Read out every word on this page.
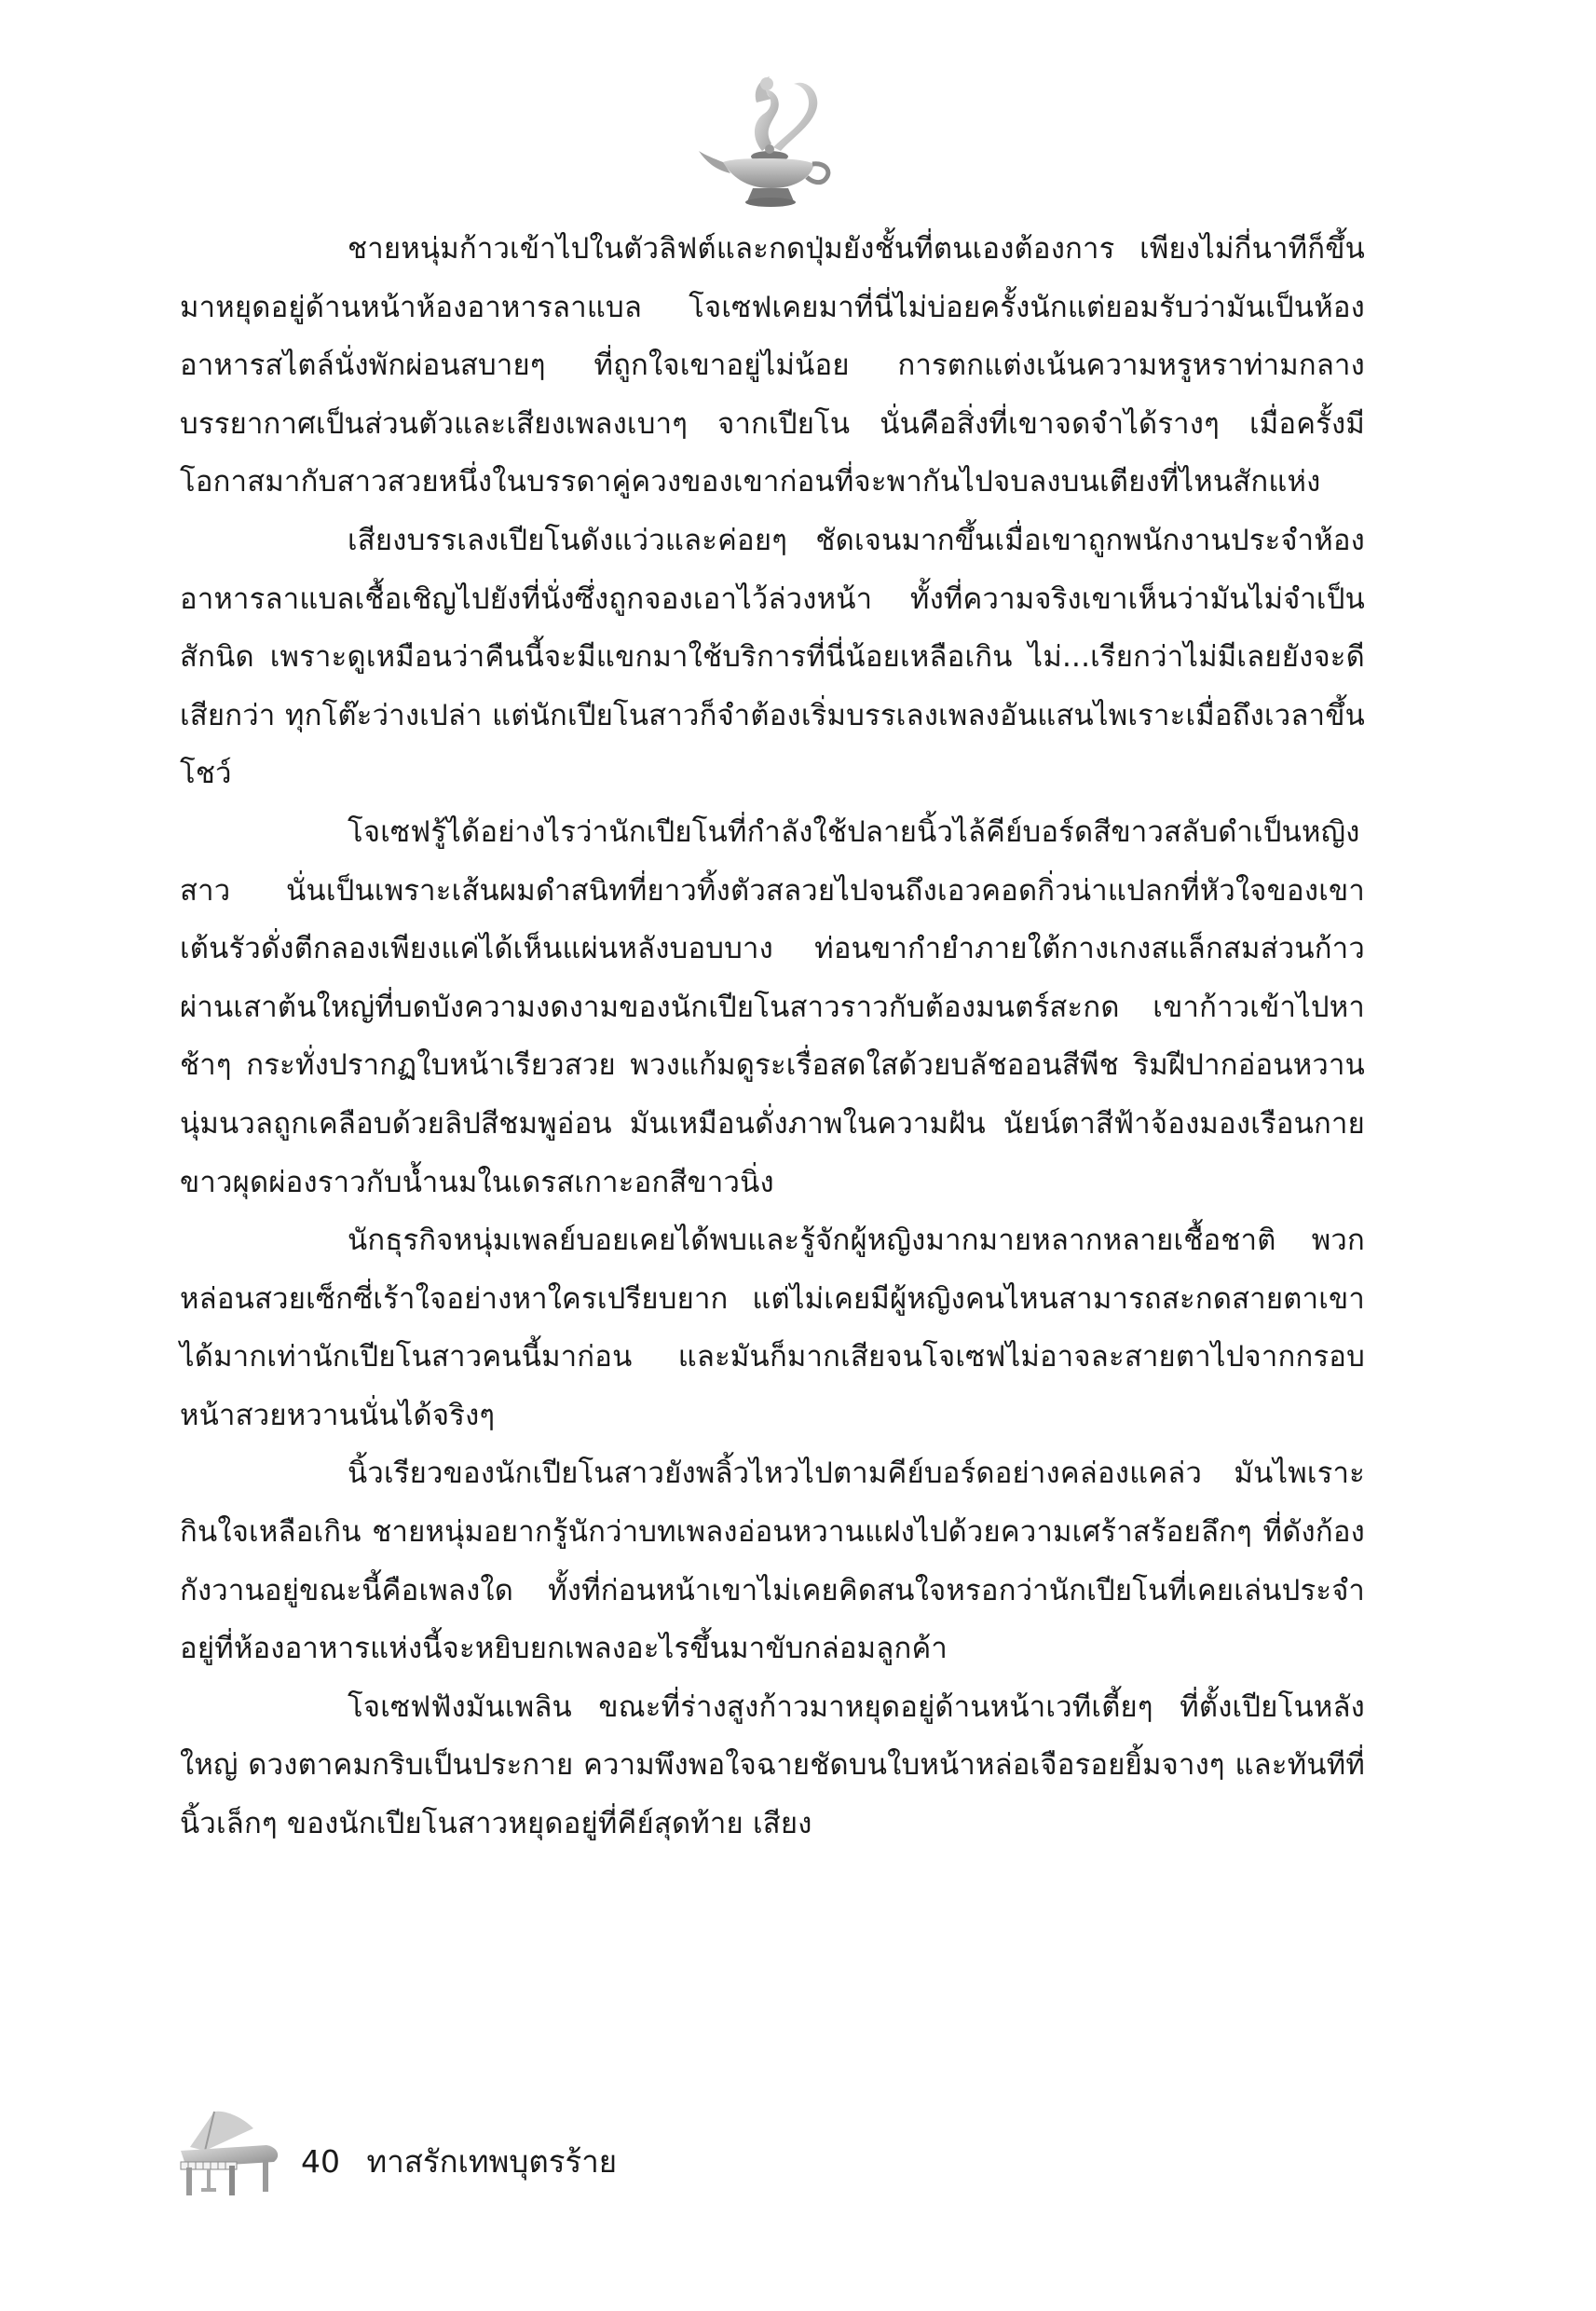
ชายหนุ่มก้าวเข้าไปในตัวลิฟต์และกดปุ่มยังชั้นที่ตนเองต้องการ เพียงไม่กี่นาทีก็ขึ้นมาหยุดอยู่ด้านหน้าห้องอาหารลาแบล โจเซฟเคยมาที่นี่ไม่บ่อยครั้งนักแต่ยอมรับว่ามันเป็นห้องอาหารสไตล์นั่งพักผ่อนสบายๆ ที่ถูกใจเขาอยู่ไม่น้อย การตกแต่งเน้นความหรูหราท่ามกลางบรรยากาศเป็นส่วนตัวและเสียงเพลงเบาๆ จากเปียโน นั่นคือสิ่งที่เขาจดจำได้รางๆ เมื่อครั้งมีโอกาสมากับสาวสวยหนึ่งในบรรดาคู่ควงของเขาก่อนที่จะพากันไปจบลงบนเตียงที่ไหนสักแห่ง

เสียงบรรเลงเปียโนดังแว่วและค่อยๆ ชัดเจนมากขึ้นเมื่อเขาถูกพนักงานประจำห้องอาหารลาแบลเชื้อเชิญไปยังที่นั่งซึ่งถูกจองเอาไว้ล่วงหน้า ทั้งที่ความจริงเขาเห็นว่ามันไม่จำเป็นสักนิด เพราะดูเหมือนว่าคืนนี้จะมีแขกมาใช้บริการที่นี่น้อยเหลือเกิน ไม่...เรียกว่าไม่มีเลยยังจะดีเสียกว่า ทุกโต๊ะว่างเปล่า แต่นักเปียโนสาวก็จำต้องเริ่มบรรเลงเพลงอันแสนไพเราะเมื่อถึงเวลาขึ้นโชว์

โจเซฟรู้ได้อย่างไรว่านักเปียโนที่กำลังใช้ปลายนิ้วไล้คีย์บอร์ดสีขาวสลับดำเป็นหญิงสาว นั่นเป็นเพราะเส้นผมดำสนิทที่ยาวทิ้งตัวสลวยไปจนถึงเอวคอดกิ่วน่าแปลกที่หัวใจของเขาเต้นรัวดั่งตีกลองเพียงแค่ได้เห็นแผ่นหลังบอบบาง ท่อนขากำยำภายใต้กางเกงสแล็กสมส่วนก้าวผ่านเสาต้นใหญ่ที่บดบังความงดงามของนักเปียโนสาวราวกับต้องมนตร์สะกด เขาก้าวเข้าไปหาช้าๆ กระทั่งปรากฏใบหน้าเรียวสวย พวงแก้มดูระเรื่อสดใสด้วยบลัชออนสีพีช ริมฝีปากอ่อนหวานนุ่มนวลถูกเคลือบด้วยลิปสีชมพูอ่อน มันเหมือนดั่งภาพในความฝัน นัยน์ตาสีฟ้าจ้องมองเรือนกายขาวผุดผ่องราวกับน้ำนมในเดรสเกาะอกสีขาวนิ่ง

นักธุรกิจหนุ่มเพลย์บอยเคยได้พบและรู้จักผู้หญิงมากมายหลากหลายเชื้อชาติ พวกหล่อนสวยเซ็กซี่เร้าใจอย่างหาใครเปรียบยาก แต่ไม่เคยมีผู้หญิงคนไหนสามารถสะกดสายตาเขาได้มากเท่านักเปียโนสาวคนนี้มาก่อน และมันก็มากเสียจนโจเซฟไม่อาจละสายตาไปจากกรอบหน้าสวยหวานนั่นได้จริงๆ

นิ้วเรียวของนักเปียโนสาวยังพลิ้วไหวไปตามคีย์บอร์ดอย่างคล่องแคล่ว มันไพเราะกินใจเหลือเกิน ชายหนุ่มอยากรู้นักว่าบทเพลงอ่อนหวานแฝงไปด้วยความเศร้าสร้อยลึกๆ ที่ดังก้องกังวานอยู่ขณะนี้คือเพลงใด ทั้งที่ก่อนหน้าเขาไม่เคยคิดสนใจหรอกว่านักเปียโนที่เคยเล่นประจำอยู่ที่ห้องอาหารแห่งนี้จะหยิบยกเพลงอะไรขึ้นมาขับกล่อมลูกค้า

โจเซฟฟังมันเพลิน ขณะที่ร่างสูงก้าวมาหยุดอยู่ด้านหน้าเวทีเตี้ยๆ ที่ตั้งเปียโนหลังใหญ่ ดวงตาคมกริบเป็นประกาย ความพึงพอใจฉายชัดบนใบหน้าหล่อเจือรอยยิ้มจางๆ และทันทีที่นิ้วเล็กๆ ของนักเปียโนสาวหยุดอยู่ที่คีย์สุดท้าย เสียง

40 ทาสรักเทพบุตรร้าย
